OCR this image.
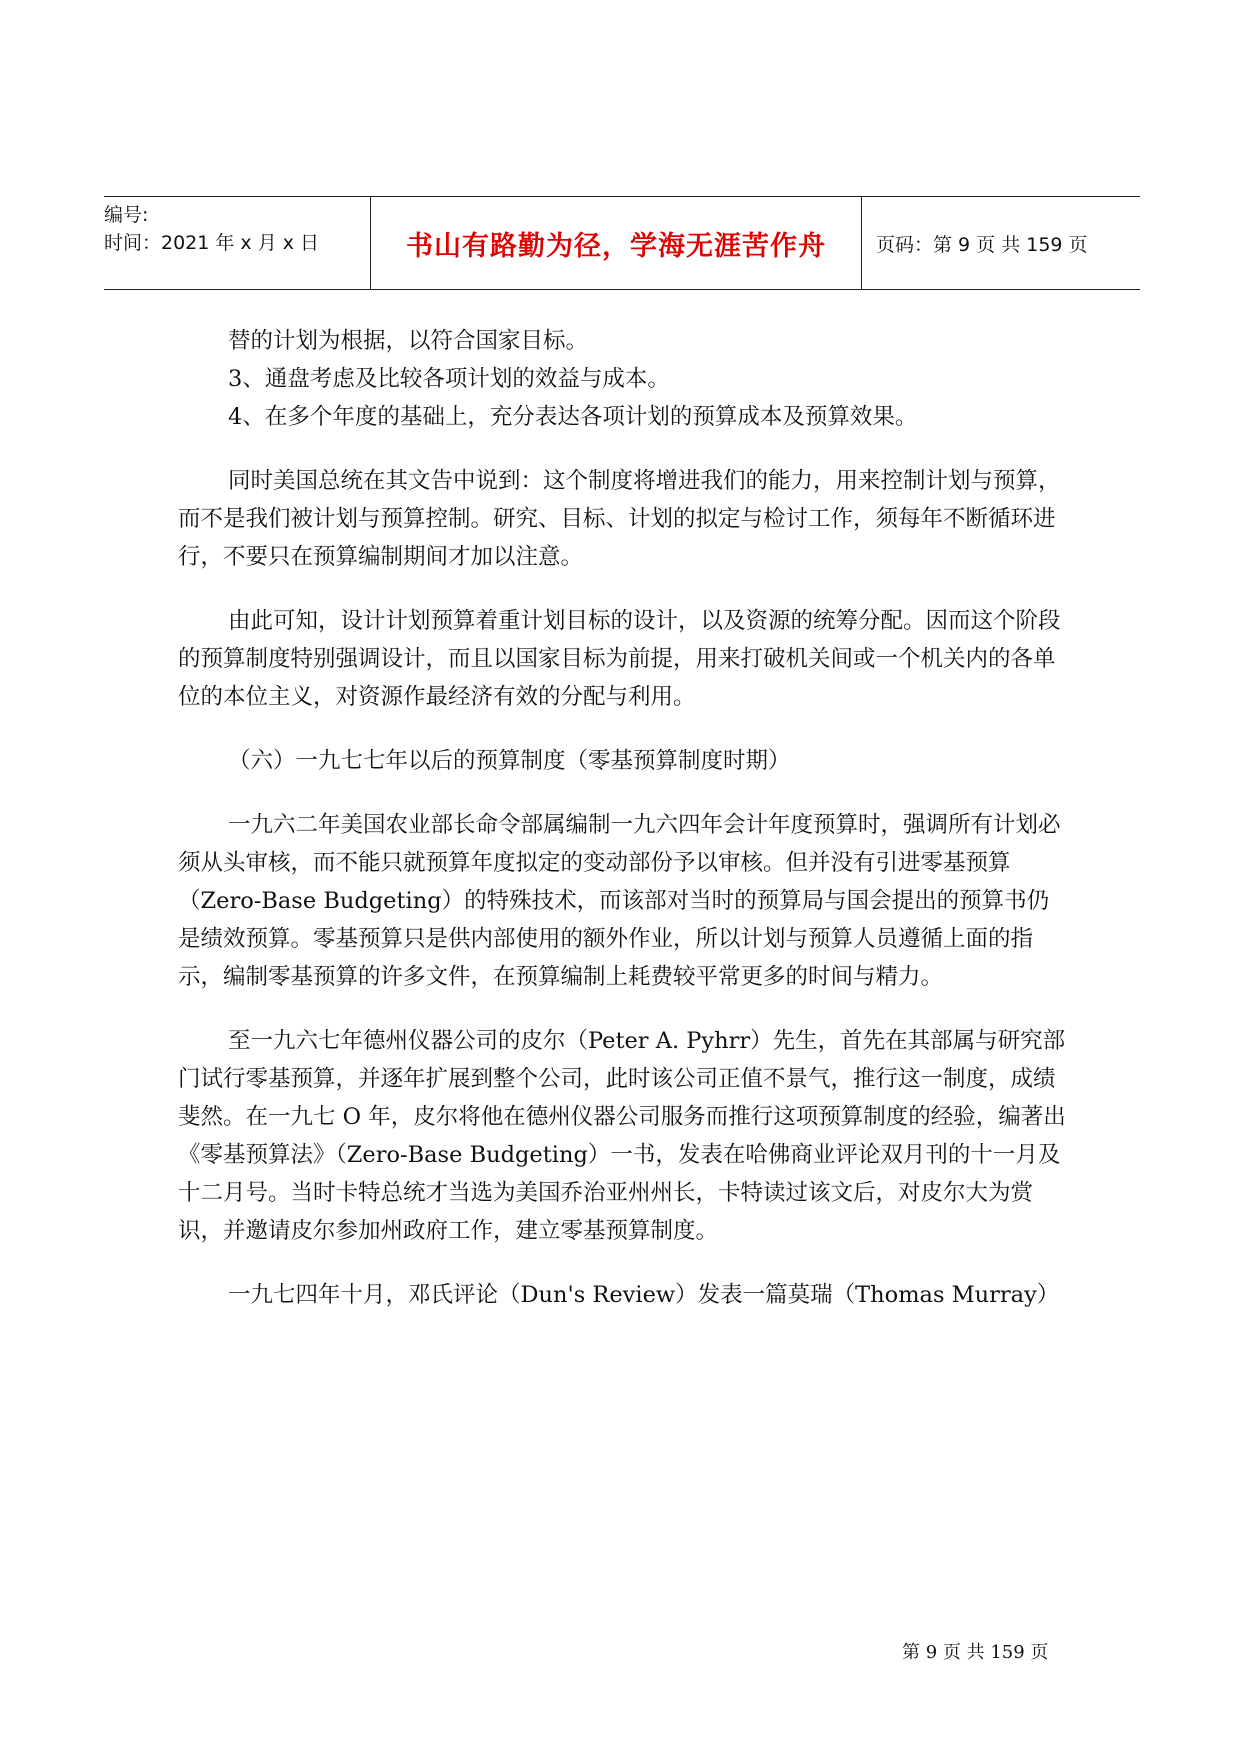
编号:
时间：2021 年 x 月 x 日	书山有路勤为径，学海无涯苦作舟	页码：第 9 页 共 159 页

替的计划为根据，以符合国家目标。

3、通盘考虑及比较各项计划的效益与成本。

4、在多个年度的基础上，充分表达各项计划的预算成本及预算效果。

同时美国总统在其文告中说到：这个制度将增进我们的能力，用来控制计划与预算，而不是我们被计划与预算控制。研究、目标、计划的拟定与检讨工作，须每年不断循环进行，不要只在预算编制期间才加以注意。

由此可知，设计计划预算着重计划目标的设计，以及资源的统筹分配。因而这个阶段的预算制度特别强调设计，而且以国家目标为前提，用来打破机关间或一个机关内的各单位的本位主义，对资源作最经济有效的分配与利用。

（六）一九七七年以后的预算制度（零基预算制度时期）

一九六二年美国农业部长命令部属编制一九六四年会计年度预算时，强调所有计划必须从头审核，而不能只就预算年度拟定的变动部份予以审核。但并没有引进零基预算（Zero-Base Budgeting）的特殊技术，而该部对当时的预算局与国会提出的预算书仍是绩效预算。零基预算只是供内部使用的额外作业，所以计划与预算人员遵循上面的指示，编制零基预算的许多文件，在预算编制上耗费较平常更多的时间与精力。

至一九六七年德州仪器公司的皮尔（Peter A. Pyhrr）先生，首先在其部属与研究部门试行零基预算，并逐年扩展到整个公司，此时该公司正值不景气，推行这一制度，成绩斐然。在一九七 O 年，皮尔将他在德州仪器公司服务而推行这项预算制度的经验，编著出《零基预算法》（Zero-Base Budgeting）一书，发表在哈佛商业评论双月刊的十一月及十二月号。当时卡特总统才当选为美国乔治亚州州长，卡特读过该文后，对皮尔大为赏识，并邀请皮尔参加州政府工作，建立零基预算制度。

一九七四年十月，邓氏评论（Dun's Review）发表一篇莫瑞（Thomas Murray）

第 9 页 共 159 页
